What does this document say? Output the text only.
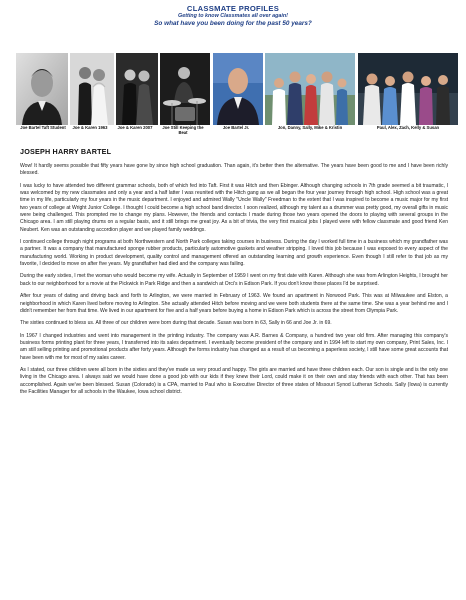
CLASSMATE PROFILES
Getting to know Classmates all over again!
So what have you been doing for the past 50 years?
Joe Bartel Taft Student	Joe & Karen 1963	Joe & Karen 2007	Joe Still Keeping the Beat
Joe Bartel Jr.	Jon, Danny, Sally, Mike & Kristin	Paul, Alex, Zach, Kelly & Susan
JOSEPH HARRY BARTEL

Wow! It hardly seems possible that fifty years have gone by since high school graduation. Than again, it's better then the alternative. The years have been good to me and I have been richly blessed.

I was lucky to have attended two different grammar schools, both of which fed into Taft. First it was Hitch and then Ebinger. Although changing schools in 7th grade seemed a bit traumatic, I was welcomed by my new classmates and only a year and a half latter I was reunited with the Hitch gang as we all began the four year journey through high school. High school was a great time in my life, particularly my four years in the music department. I enjoyed and admired Wally "Uncle Wally" Freedman to the extent that I was inspired to become a music major for my first two years of college at Wright Junior College. I thought I could become a high school band director. I soon realized, although my talent as a drummer was pretty good, my overall gifts in music were being challenged. This prompted me to change my plans. However, the friends and contacts I made during those two years opened the doors to playing with several groups in the Chicago area. I am still playing drums on a regular basis, and it still brings me great joy. As a bit of trivia, the very first musical jobs I played were with fellow classmate and good friend Ken Neubert. Ken was an outstanding accordion player and we played family weddings.

I continued college through night programs at both Northwestern and North Park colleges taking courses in business. During the day I worked full time in a business which my grandfather was a partner. It was a company that manufactured sponge rubber products, particularly automotive gaskets and weather stripping. I loved this job because I was exposed to every aspect of the manufacturing world. Working in product development, quality control and management offered an outstanding learning and growth experience. Even though I still refer to that job as my favorite, I decided to move on after five years. My grandfather had died and the company was failing.

During the early sixties, I met the woman who would become my wife. Actually in September of 1959 I went on my first date with Karen. Although she was from Arlington Heights, I brought her back to our neighborhood for a movie at the Pickwick in Park Ridge and then a sandwich at Orci's in Edison Park. If you don't know those places I'd be surprised.

After four years of dating and driving back and forth to Arlington, we were married in February of 1963. We found an apartment in Norwood Park. This was at Milwaukee and Elston, a neighborhood in which Karen lived before moving to Arlington. She actually attended Hitch before moving and we were both students there at the same time. She was a year behind me and I didn't remember her from that time. We lived in our apartment for five and a half years before buying a home in Edison Park which is across the street from Olympia Park.

The sixties continued to bless us. All three of our children were born during that decade. Susan was born in 63, Sally in 66 and Joe Jr. in 69.

In 1967 I changed industries and went into management in the printing industry. The company was A.R. Barnes & Company, a hundred two year old firm. After managing this company's business forms printing plant for three years, I transferred into its sales department. I eventually become president of the company and in 1994 left to start my own company, Print Sales, Inc. I am still selling printing and promotional products after forty years. Although the forms industry has changed as a result of us becoming a paperless society, I still have some great accounts that have been with me for most of my sales career.

As I stated, our three children were all born in the sixties and they've made us very proud and happy. The girls are married and have three children each. Our son is single and is the only one living in the Chicago area. I always said we would have done a good job with our kids if they knew their Lord, could make it on their own and stay friends with each other. That has been accomplished. Again we've been blessed. Susan (Colorado) is a CPA, married to Paul who is Executive Director of three states of Missouri Synod Lutheran Schools. Sally (Iowa) is currently the Facilities Manager for all schools in the Waukee, Iowa school district.
